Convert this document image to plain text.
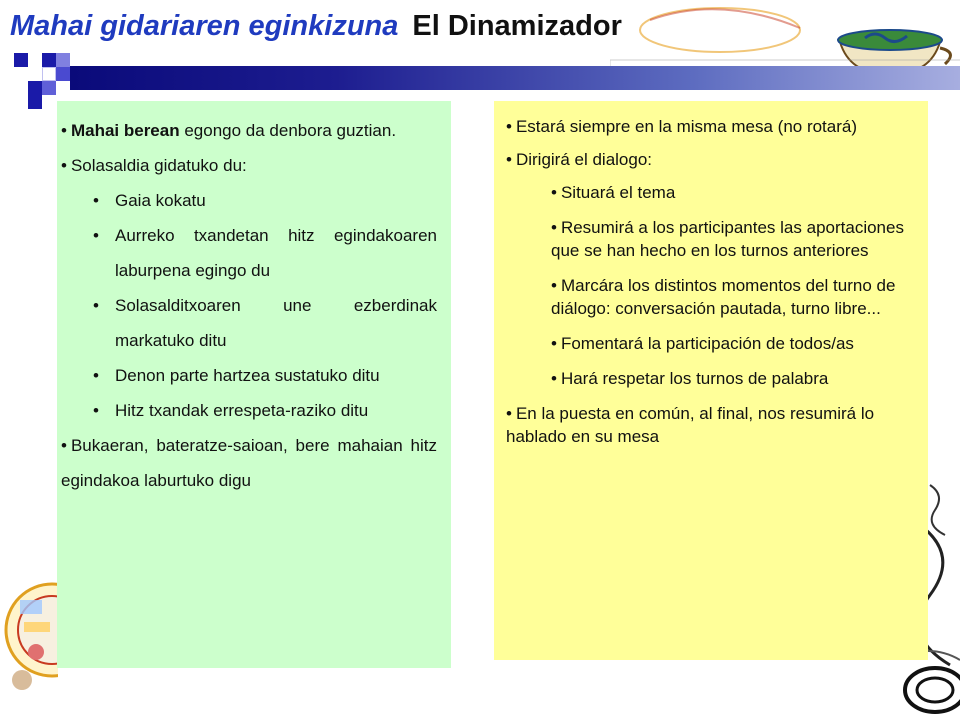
Mahai gidariaren eginkizuna El Dinamizador

• Mahai berean egongo da denbora guztian.

• Solasaldia gidatuko du:

• Gaia kokatu
• Aurreko txandetan hitz egindakoaren laburpena egingo du
• Solasalditxoaren une ezberdinak markatuko ditu
• Denon parte hartzea sustatuko ditu
• Hitz txandak errespeta-raziko ditu

• Bukaeran, bateratze-saioan, bere mahaian hitz egindakoa laburtuko digu

• Estará siempre en la misma mesa (no rotará)

• Dirigirá el dialogo:

• Situará el tema
• Resumirá a los participantes las aportaciones que se han hecho en los turnos anteriores
• Marcára los distintos momentos del turno de diálogo: conversación pautada, turno libre...
• Fomentará la participación de todos/as
• Hará respetar los turnos de palabra

• En la puesta en común, al final, nos resumirá lo hablado en su mesa
